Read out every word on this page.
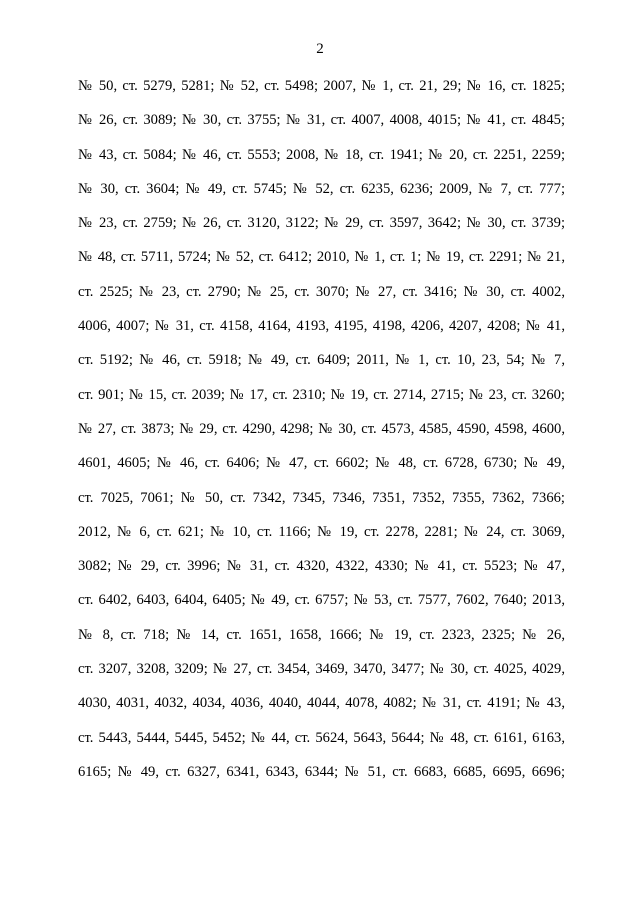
2
№ 50, ст. 5279, 5281; № 52, ст. 5498; 2007, № 1, ст. 21, 29; № 16, ст. 1825;
№ 26, ст. 3089; № 30, ст. 3755; № 31, ст. 4007, 4008, 4015; № 41, ст. 4845;
№ 43, ст. 5084; № 46, ст. 5553; 2008, № 18, ст. 1941; № 20, ст. 2251, 2259;
№ 30, ст. 3604; № 49, ст. 5745; № 52, ст. 6235, 6236; 2009, № 7, ст. 777;
№ 23, ст. 2759; № 26, ст. 3120, 3122; № 29, ст. 3597, 3642; № 30, ст. 3739;
№ 48, ст. 5711, 5724; № 52, ст. 6412; 2010, № 1, ст. 1; № 19, ст. 2291; № 21,
ст. 2525; № 23, ст. 2790; № 25, ст. 3070; № 27, ст. 3416; № 30, ст. 4002,
4006, 4007; № 31, ст. 4158, 4164, 4193, 4195, 4198, 4206, 4207, 4208; № 41,
ст. 5192; № 46, ст. 5918; № 49, ст. 6409; 2011, № 1, ст. 10, 23, 54; № 7,
ст. 901; № 15, ст. 2039; № 17, ст. 2310; № 19, ст. 2714, 2715; № 23, ст. 3260;
№ 27, ст. 3873; № 29, ст. 4290, 4298; № 30, ст. 4573, 4585, 4590, 4598, 4600,
4601, 4605; № 46, ст. 6406; № 47, ст. 6602; № 48, ст. 6728, 6730; № 49,
ст. 7025, 7061; № 50, ст. 7342, 7345, 7346, 7351, 7352, 7355, 7362, 7366;
2012, № 6, ст. 621; № 10, ст. 1166; № 19, ст. 2278, 2281; № 24, ст. 3069,
3082; № 29, ст. 3996; № 31, ст. 4320, 4322, 4330; № 41, ст. 5523; № 47,
ст. 6402, 6403, 6404, 6405; № 49, ст. 6757; № 53, ст. 7577, 7602, 7640; 2013,
№ 8, ст. 718; № 14, ст. 1651, 1658, 1666; № 19, ст. 2323, 2325; № 26,
ст. 3207, 3208, 3209; № 27, ст. 3454, 3469, 3470, 3477; № 30, ст. 4025, 4029,
4030, 4031, 4032, 4034, 4036, 4040, 4044, 4078, 4082; № 31, ст. 4191; № 43,
ст. 5443, 5444, 5445, 5452; № 44, ст. 5624, 5643, 5644; № 48, ст. 6161, 6163,
6165; № 49, ст. 6327, 6341, 6343, 6344; № 51, ст. 6683, 6685, 6695, 6696;
